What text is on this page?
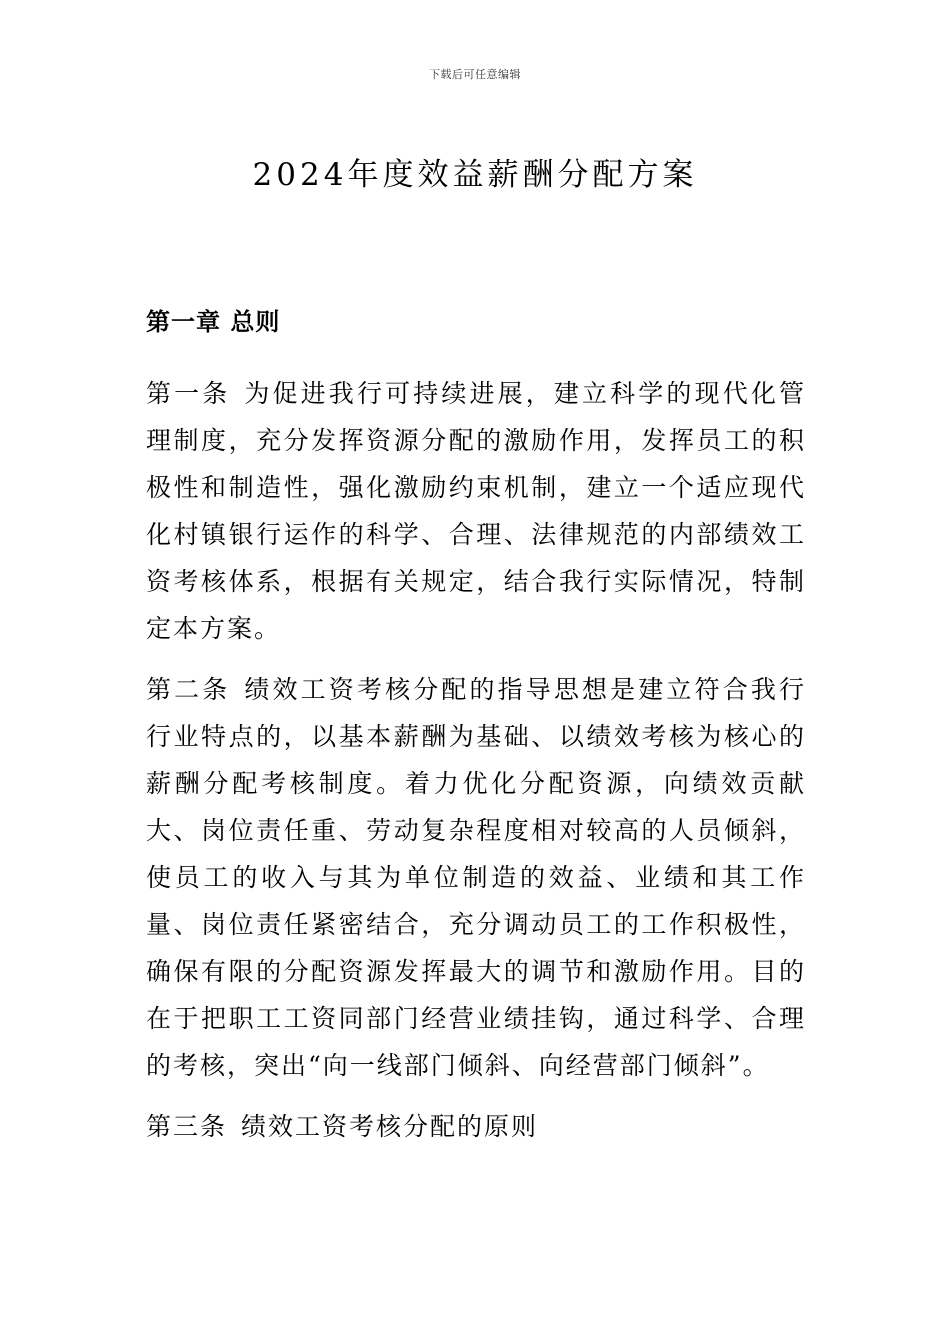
下载后可任意编辑
2024年度效益薪酬分配方案
第一章 总则

第一条 为促进我行可持续进展，建立科学的现代化管理制度，充分发挥资源分配的激励作用，发挥员工的积极性和制造性，强化激励约束机制，建立一个适应现代化村镇银行运作的科学、合理、法律规范的内部绩效工资考核体系，根据有关规定，结合我行实际情况，特制定本方案。

第二条 绩效工资考核分配的指导思想是建立符合我行行业特点的，以基本薪酬为基础、以绩效考核为核心的薪酬分配考核制度。着力优化分配资源，向绩效贡献大、岗位责任重、劳动复杂程度相对较高的人员倾斜，使员工的收入与其为单位制造的效益、业绩和其工作量、岗位责任紧密结合，充分调动员工的工作积极性，确保有限的分配资源发挥最大的调节和激励作用。目的在于把职工工资同部门经营业绩挂钩，通过科学、合理的考核，突出“向一线部门倾斜、向经营部门倾斜”。

第三条 绩效工资考核分配的原则
